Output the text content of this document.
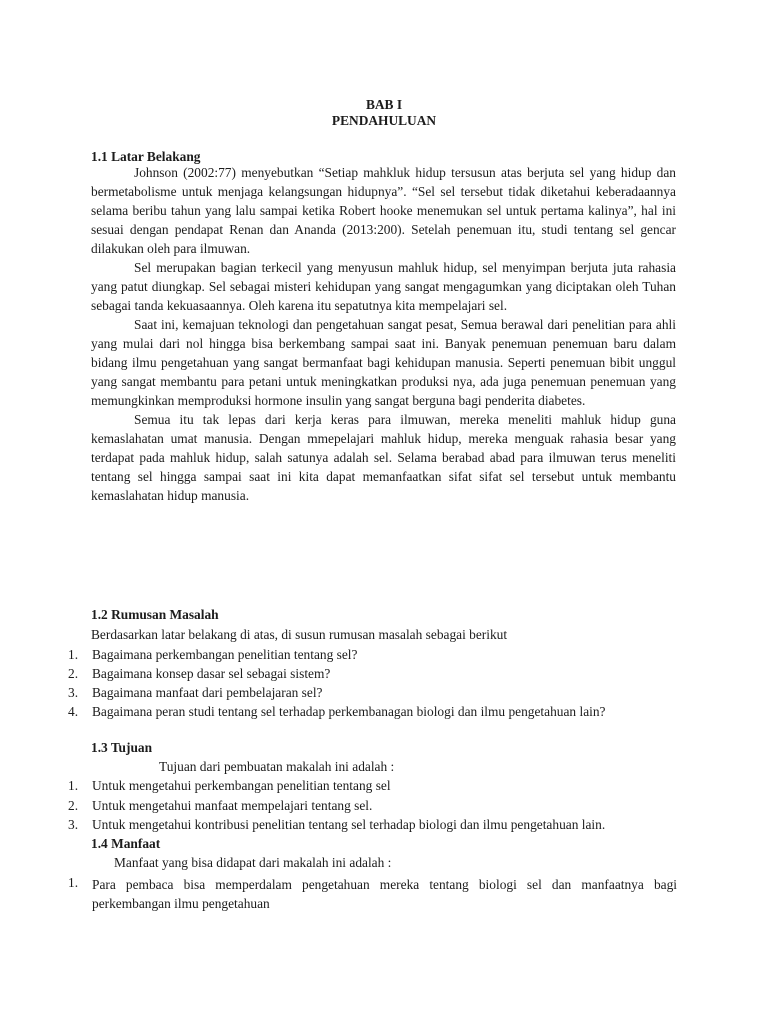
BAB I
PENDAHULUAN
1.1 Latar Belakang

Johnson (2002:77) menyebutkan “Setiap mahkluk hidup tersusun atas berjuta sel yang hidup dan bermetabolisme untuk menjaga kelangsungan hidupnya”. “Sel sel tersebut tidak diketahui keberadaannya selama beribu tahun yang lalu sampai ketika Robert hooke menemukan sel untuk pertama kalinya”, hal ini sesuai dengan pendapat Renan dan Ananda (2013:200). Setelah penemuan itu, studi tentang sel gencar dilakukan oleh para ilmuwan.

Sel merupakan bagian terkecil yang menyusun mahluk hidup, sel menyimpan berjuta juta rahasia yang patut diungkap. Sel sebagai misteri kehidupan yang sangat mengagumkan yang diciptakan oleh Tuhan sebagai tanda kekuasaannya. Oleh karena itu sepatutnya kita mempelajari sel.

Saat ini, kemajuan teknologi dan pengetahuan sangat pesat, Semua berawal dari penelitian para ahli yang mulai dari nol hingga bisa berkembang sampai saat ini. Banyak penemuan penemuan baru dalam bidang ilmu pengetahuan yang sangat bermanfaat bagi kehidupan manusia. Seperti penemuan bibit unggul yang sangat membantu para petani untuk meningkatkan produksi nya, ada juga penemuan penemuan yang memungkinkan memproduksi hormone insulin yang sangat berguna bagi penderita diabetes.

Semua itu tak lepas dari kerja keras para ilmuwan, mereka meneliti mahluk hidup guna kemaslahatan umat manusia. Dengan mmepelajari mahluk hidup, mereka menguak rahasia besar yang terdapat pada mahluk hidup, salah satunya adalah sel. Selama berabad abad para ilmuwan terus meneliti tentang sel hingga sampai saat ini kita dapat memanfaatkan sifat sifat sel tersebut untuk membantu kemaslahatan hidup manusia.

1.2 Rumusan Masalah
Berdasarkan latar belakang di atas, di susun rumusan masalah sebagai berikut
1. Bagaimana perkembangan penelitian tentang sel?
2. Bagaimana konsep dasar sel sebagai sistem?
3. Bagaimana manfaat dari pembelajaran sel?
4. Bagaimana peran studi tentang sel terhadap perkembanagan biologi dan ilmu pengetahuan lain?
1.3 Tujuan
Tujuan dari pembuatan makalah ini adalah :
1. Untuk mengetahui perkembangan penelitian tentang sel
2. Untuk mengetahui manfaat mempelajari tentang sel.
3. Untuk mengetahui kontribusi penelitian tentang sel terhadap biologi dan ilmu pengetahuan lain.
1.4 Manfaat
Manfaat yang bisa didapat dari makalah ini adalah :
1. Para pembaca bisa memperdalam pengetahuan mereka tentang biologi sel dan manfaatnya bagi perkembangan ilmu pengetahuan
